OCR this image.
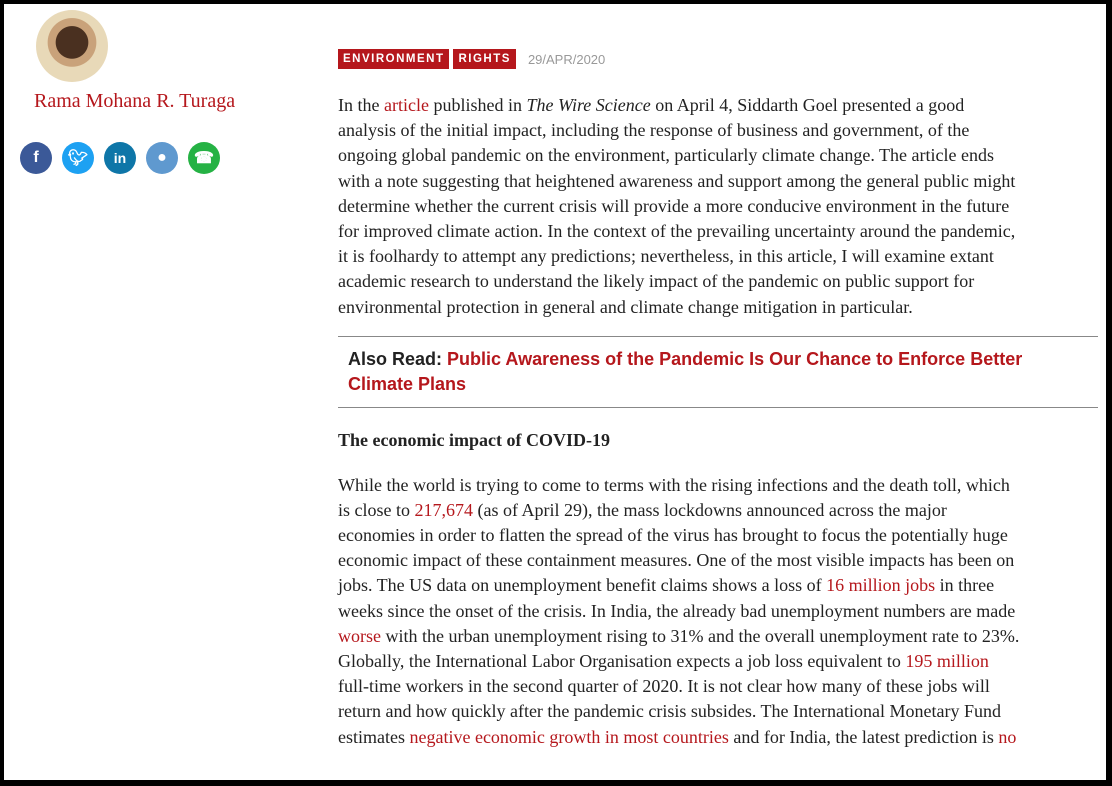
Rama Mohana R. Turaga
f	🐦︎	in	●	☎
ENVIRONMENT	RIGHTS	29/APR/2020
In the article published in The Wire Science on April 4, Siddarth Goel presented a good
analysis of the initial impact, including the response of business and government, of the
ongoing global pandemic on the environment, particularly climate change. The article ends
with a note suggesting that heightened awareness and support among the general public might
determine whether the current crisis will provide a more conducive environment in the future
for improved climate action. In the context of the prevailing uncertainty around the pandemic,
it is foolhardy to attempt any predictions; nevertheless, in this article, I will examine extant
academic research to understand the likely impact of the pandemic on public support for
environmental protection in general and climate change mitigation in particular.
Also Read: Public Awareness of the Pandemic Is Our Chance to Enforce Better Climate Plans
The economic impact of COVID-19
While the world is trying to come to terms with the rising infections and the death toll, which
is close to 217,674 (as of April 29), the mass lockdowns announced across the major
economies in order to flatten the spread of the virus has brought to focus the potentially huge
economic impact of these containment measures. One of the most visible impacts has been on
jobs. The US data on unemployment benefit claims shows a loss of 16 million jobs in three
weeks since the onset of the crisis. In India, the already bad unemployment numbers are made
worse with the urban unemployment rising to 31% and the overall unemployment rate to 23%.
Globally, the International Labor Organisation expects a job loss equivalent to 195 million
full-time workers in the second quarter of 2020. It is not clear how many of these jobs will
return and how quickly after the pandemic crisis subsides. The International Monetary Fund
estimates negative economic growth in most countries and for India, the latest prediction is no
